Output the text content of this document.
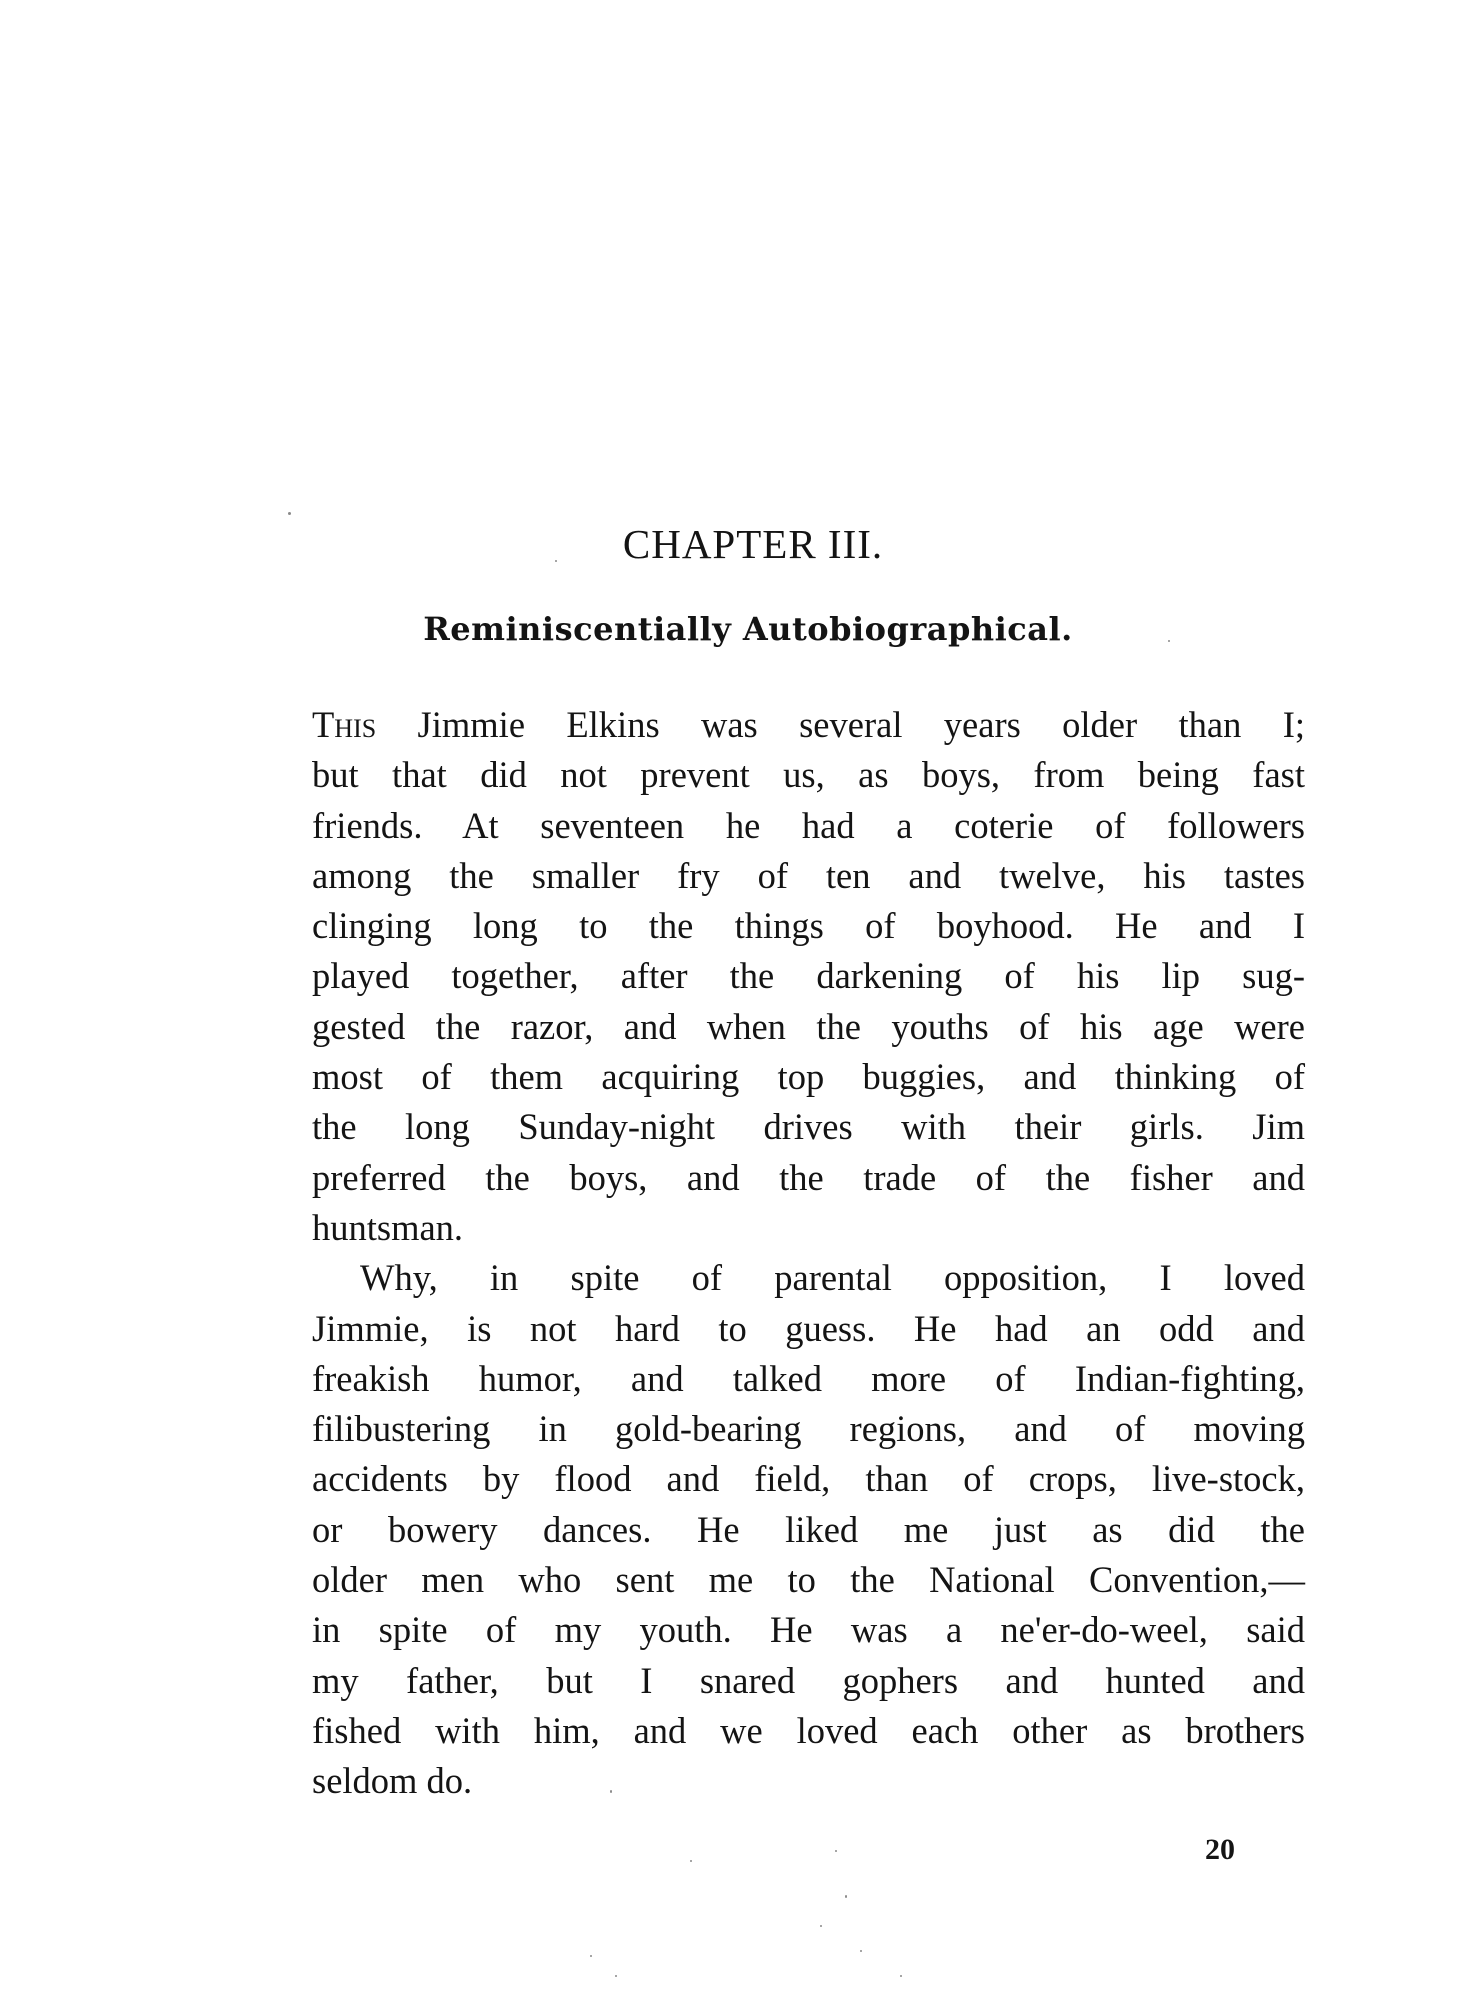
CHAPTER III.
Reminiscentially Autobiographical.
This Jimmie Elkins was several years older than I;
but that did not prevent us, as boys, from being fast
friends. At seventeen he had a coterie of followers
among the smaller fry of ten and twelve, his tastes
clinging long to the things of boyhood. He and I
played together, after the darkening of his lip sug-
gested the razor, and when the youths of his age were
most of them acquiring top buggies, and thinking of
the long Sunday-night drives with their girls. Jim
preferred the boys, and the trade of the fisher and
huntsman.
Why, in spite of parental opposition, I loved
Jimmie, is not hard to guess. He had an odd and
freakish humor, and talked more of Indian-fighting,
filibustering in gold-bearing regions, and of moving
accidents by flood and field, than of crops, live-stock,
or bowery dances. He liked me just as did the
older men who sent me to the National Convention,—
in spite of my youth. He was a ne'er-do-weel, said
my father, but I snared gophers and hunted and
fished with him, and we loved each other as brothers
seldom do.
20
